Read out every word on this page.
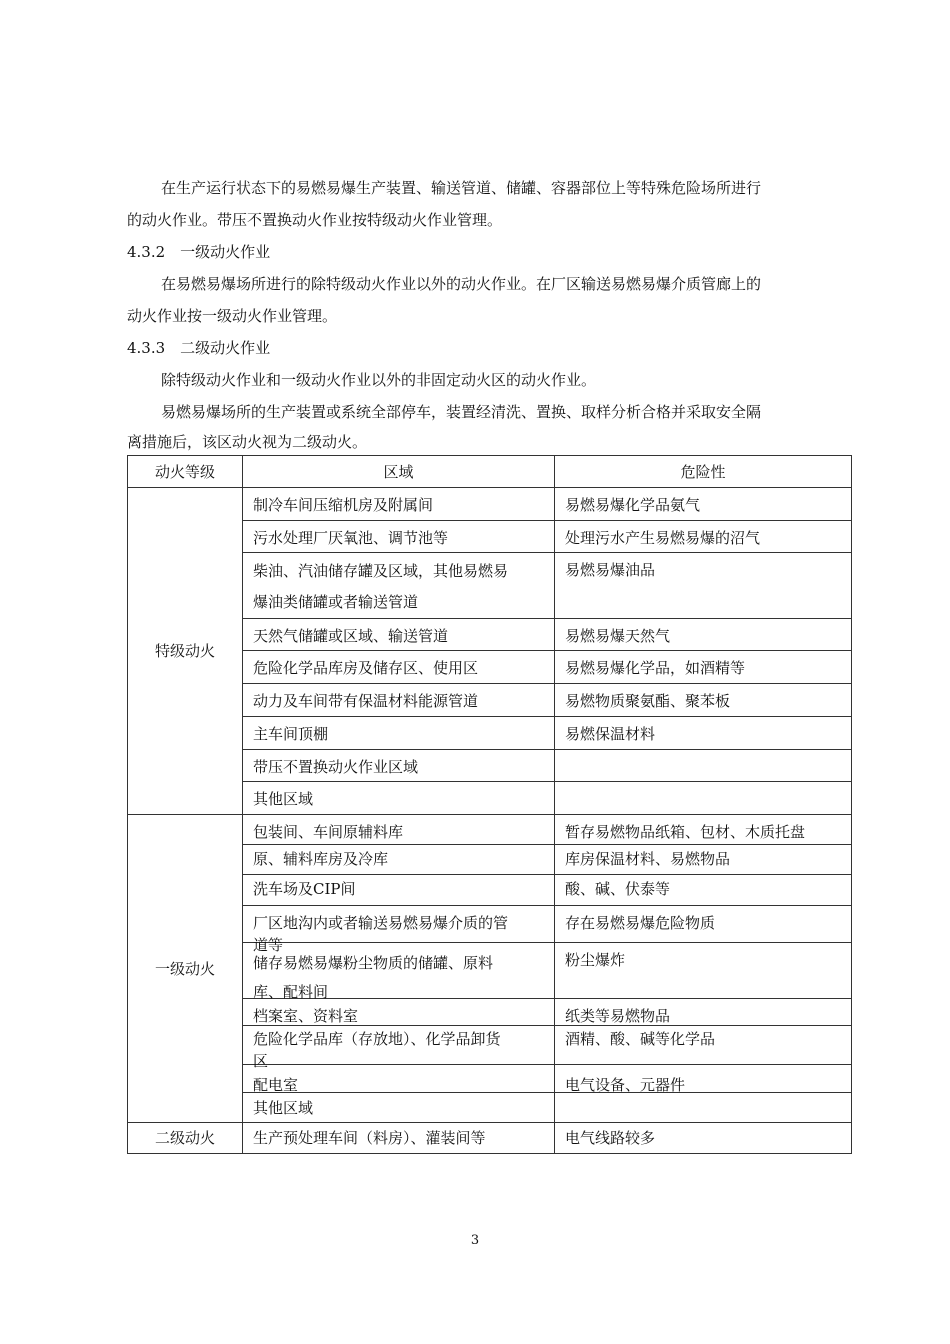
在生产运行状态下的易燃易爆生产装置、输送管道、储罐、容器部位上等特殊危险场所进行
的动火作业。带压不置换动火作业按特级动火作业管理。
4.3.2　一级动火作业
在易燃易爆场所进行的除特级动火作业以外的动火作业。在厂区输送易燃易爆介质管廊上的
动火作业按一级动火作业管理。
4.3.3　二级动火作业
除特级动火作业和一级动火作业以外的非固定动火区的动火作业。
易燃易爆场所的生产装置或系统全部停车，装置经清洗、置换、取样分析合格并采取安全隔
离措施后，该区动火视为二级动火。
动火等级	区域	危险性
特级动火	制冷车间压缩机房及附属间	易燃易爆化学品氨气

	污水处理厂厌氧池、调节池等	处理污水产生易燃易爆的沼气

	柴油、汽油储存罐及区域，其他易燃易
爆油类储罐或者输送管道	易燃易爆油品

	天然气储罐或区域、输送管道	易燃易爆天然气

	危险化学品库房及储存区、使用区	易燃易爆化学品，如酒精等

	动力及车间带有保温材料能源管道	易燃物质聚氨酯、聚苯板

	主车间顶棚	易燃保温材料

	带压不置换动火作业区域	

	其他区域	

一级动火	包装间、车间原辅料库	暂存易燃物品纸箱、包材、木质托盘

	原、辅料库房及冷库	库房保温材料、易燃物品

	洗车场及CIP间	酸、碱、伏泰等

	厂区地沟内或者输送易燃易爆介质的管
道等	存在易燃易爆危险物质

	储存易燃易爆粉尘物质的储罐、原料
库、配料间	粉尘爆炸

	档案室、资料室	纸类等易燃物品

	危险化学品库（存放地）、化学品卸货
区	酒精、酸、碱等化学品

	配电室	电气设备、元器件

	其他区域	

二级动火	生产预处理车间（料房）、灌装间等	电气线路较多
3
